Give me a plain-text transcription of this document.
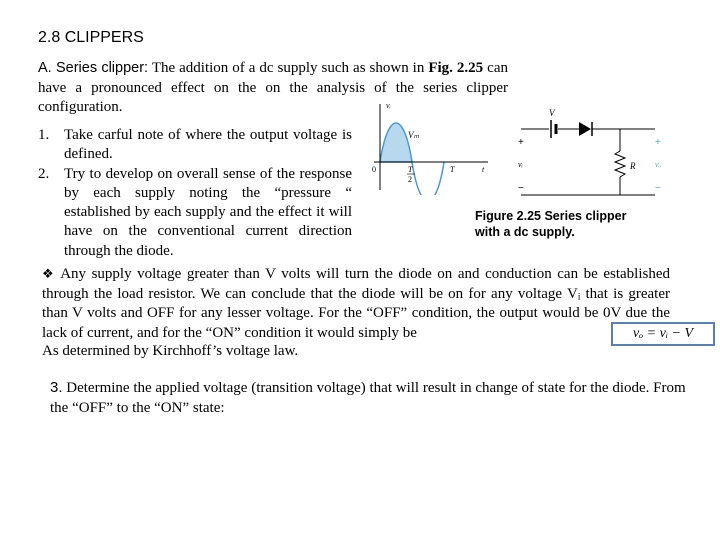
2.8 CLIPPERS
A. Series clipper: The addition of a dc supply such as shown in Fig. 2.25 can have a pronounced effect on the on the analysis of the series clipper configuration.
1. Take carful note of where the output voltage is defined.
2. Try to develop on overall sense of the response by each supply noting the “pressure “ established by each supply and the effect it will have on the conventional current direction through the diode.
vᵢ
Vₘ
0	T
2
T	t
V
R
+
vᵢ
−
+
vₒ
−
Figure 2.25 Series clipper
with a dc supply.
❖ Any supply voltage greater than V volts will turn the diode on and conduction can be established through the load resistor. We can conclude that the diode will be on for any voltage Vᵢ that is greater than V volts and OFF for any lesser voltage. For the “OFF” condition, the output would be 0V due the lack of current, and for the “ON” condition it would simply be
As determined by Kirchhoff’s voltage law.
vₒ = vᵢ − V
3. Determine the applied voltage (transition voltage) that will result in change of state for the diode. From the “OFF” to the “ON” state:
